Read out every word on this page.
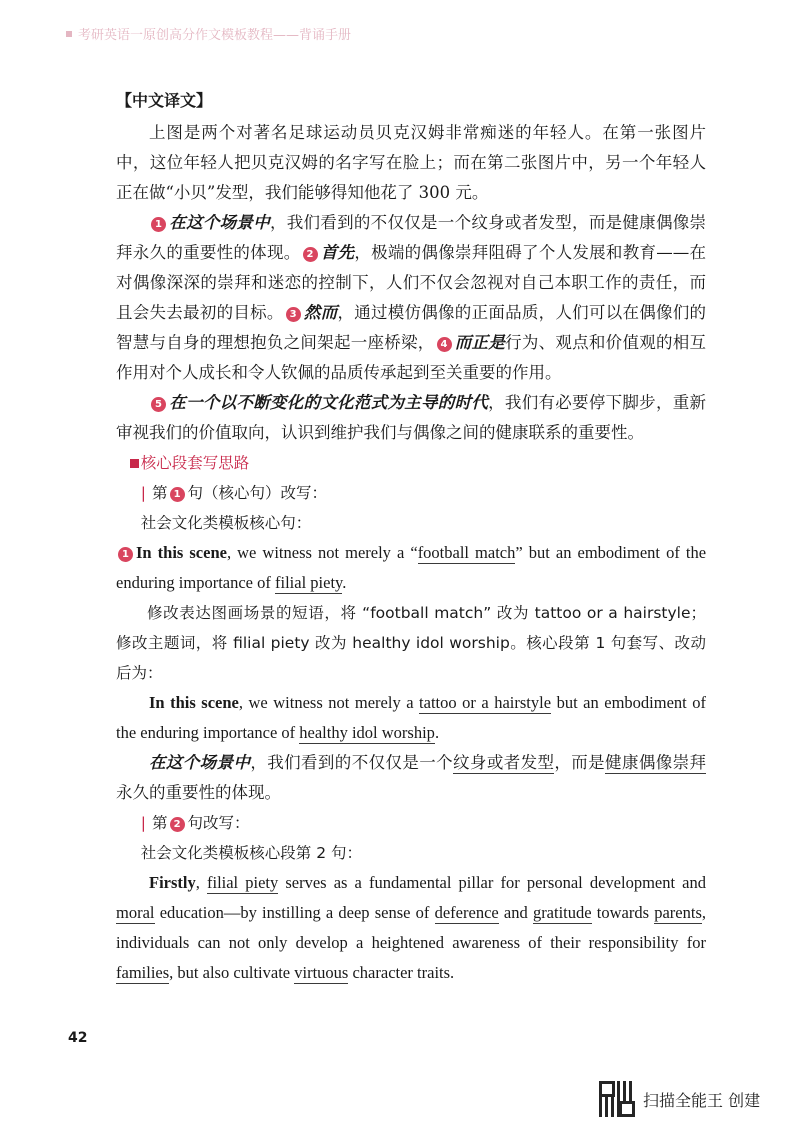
考研英语一原创高分作文模板教程——背诵手册
【中文译文】

上图是两个对著名足球运动员贝克汉姆非常痴迷的年轻人。在第一张图片中，这位年轻人把贝克汉姆的名字写在脸上；而在第二张图片中，另一个年轻人正在做“小贝”发型，我们能够得知他花了 300 元。

1 在这个场景中，我们看到的不仅仅是一个纹身或者发型，而是健康偶像崇拜永久的重要性的体现。 2 首先，极端的偶像崇拜阻碍了个人发展和教育——在对偶像深深的崇拜和迷恋的控制下，人们不仅会忽视对自己本职工作的责任，而且会失去最初的目标。 3 然而，通过模仿偶像的正面品质，人们可以在偶像们的智慧与自身的理想抱负之间架起一座桥梁， 4 而正是行为、观点和价值观的相互作用对个人成长和令人钦佩的品质传承起到至关重要的作用。

5 在一个以不断变化的文化范式为主导的时代，我们有必要停下脚步，重新审视我们的价值取向，认识到维护我们与偶像之间的健康联系的重要性。

核心段套写思路
| 第 1 句（核心句）改写：
社会文化类模板核心句：

1 In this scene, we witness not merely a “football match” but an embodiment of the enduring importance of filial piety.

修改表达图画场景的短语，将 “football match” 改为 tattoo or a hairstyle；修改主题词，将 filial piety 改为 healthy idol worship。核心段第 1 句套写、改动后为：

In this scene, we witness not merely a tattoo or a hairstyle but an embodiment of the enduring importance of healthy idol worship.

在这个场景中，我们看到的不仅仅是一个纹身或者发型，而是健康偶像崇拜永久的重要性的体现。

| 第 2 句改写：
社会文化类模板核心段第 2 句：

Firstly, filial piety serves as a fundamental pillar for personal development and moral education—by instilling a deep sense of deference and gratitude towards parents, individuals can not only develop a heightened awareness of their responsibility for families, but also cultivate virtuous character traits.

42
扫描全能王 创建
